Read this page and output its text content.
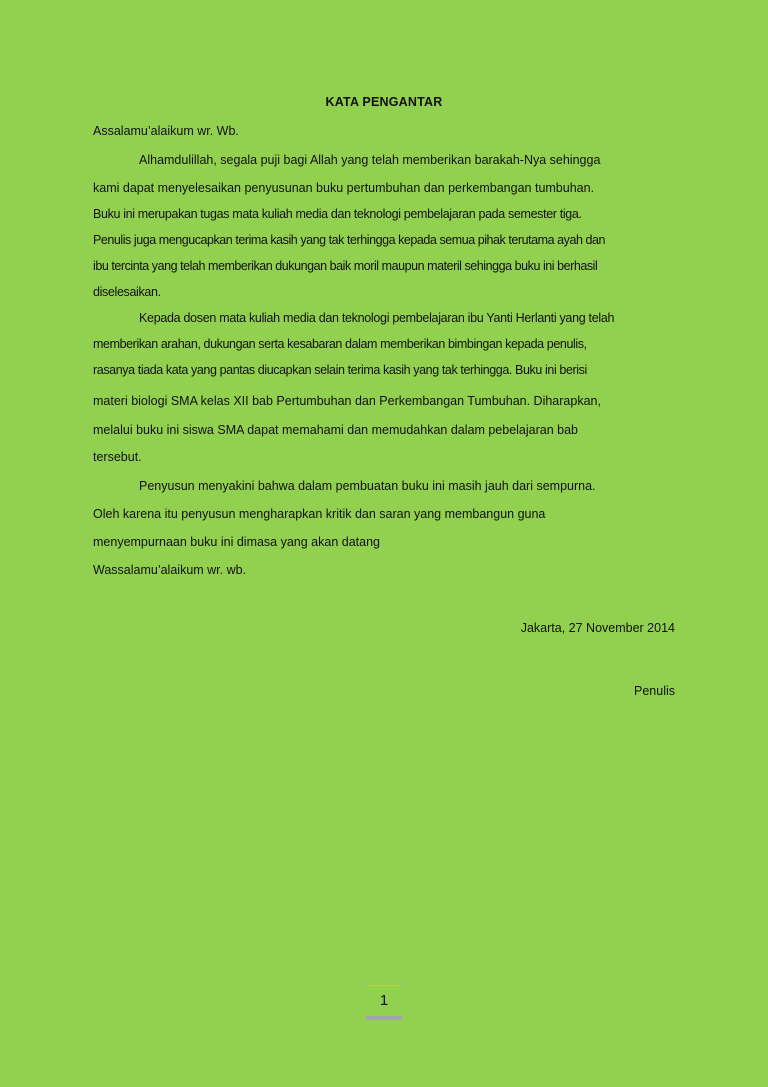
KATA PENGANTAR
Assalamu’alaikum wr. Wb.
Alhamdulillah, segala puji bagi Allah yang telah memberikan barakah-Nya sehingga
kami dapat menyelesaikan penyusunan buku pertumbuhan dan perkembangan tumbuhan.
Buku ini merupakan tugas mata kuliah media dan teknologi pembelajaran pada semester tiga.
Penulis juga mengucapkan terima kasih yang tak terhingga kepada semua pihak terutama ayah dan
ibu tercinta yang telah memberikan dukungan baik moril maupun materil sehingga buku ini berhasil
diselesaikan.
Kepada dosen mata kuliah media dan teknologi pembelajaran ibu Yanti Herlanti yang telah
memberikan arahan, dukungan serta kesabaran dalam memberikan bimbingan kepada penulis,
rasanya tiada kata yang pantas diucapkan selain terima kasih yang tak terhingga. Buku ini berisi
materi biologi SMA kelas XII bab Pertumbuhan dan Perkembangan Tumbuhan. Diharapkan,
melalui buku ini siswa SMA dapat memahami dan memudahkan dalam pebelajaran bab
tersebut.
Penyusun menyakini bahwa dalam pembuatan buku ini masih jauh dari sempurna.
Oleh karena itu penyusun mengharapkan kritik dan saran yang membangun guna
menyempurnaan buku ini dimasa yang akan datang
Wassalamu’alaikum wr. wb.
Jakarta, 27 November 2014
Penulis
1
